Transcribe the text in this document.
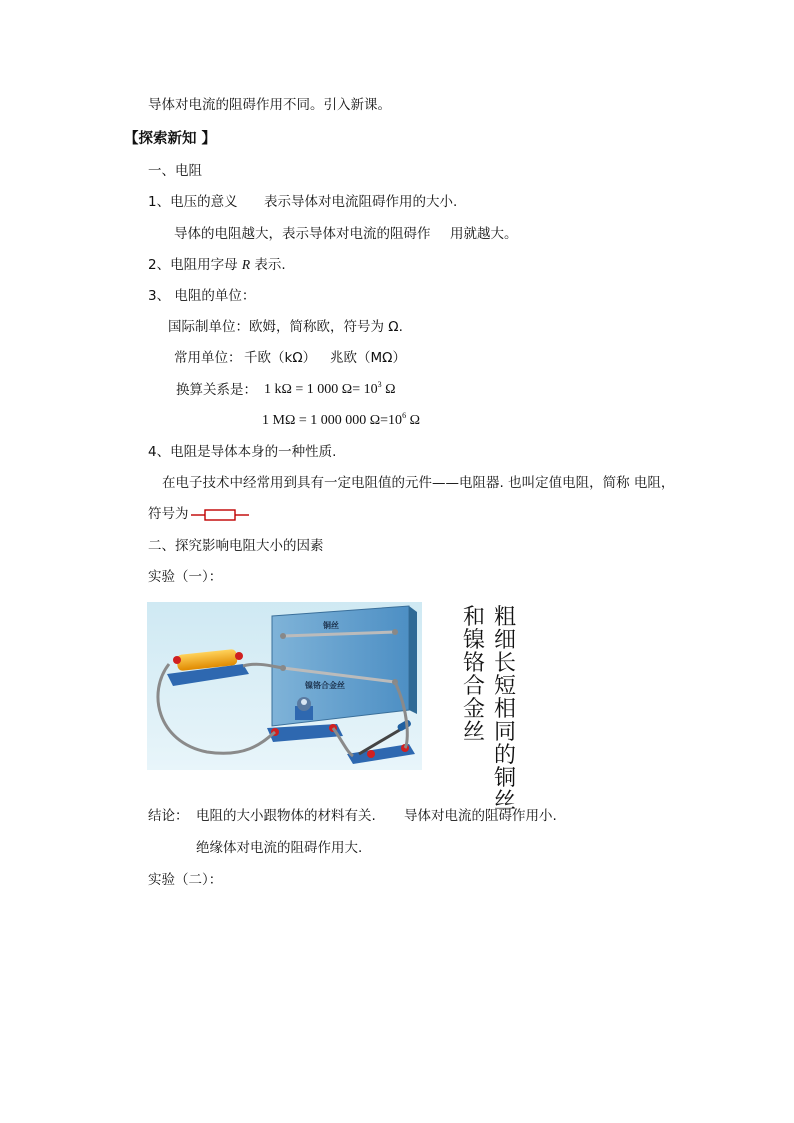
导体对电流的阻碍作用不同。引入新课。
【探索新知 】
一、电阻
1、电压的意义 表示导体对电流阻碍作用的大小.
导体的电阻越大，表示导体对电流的阻碍作 用就越大。
2、电阻用字母 R 表示.
3、 电阻的单位：
国际制单位：欧姆，简称欧，符号为 Ω.
常用单位： 千欧（kΩ） 兆欧（MΩ）
换算关系是： 1 kΩ = 1 000 $\Omega= 10^3$ Ω
1 MΩ = 1 000 000 $\Omega=10^6$ Ω
4、电阻是导体本身的一种性质.
在电子技术中经常用到具有一定电阻值的元件——电阻器. 也叫定值电阻，简称 电阻，
符号为
二、探究影响电阻大小的因素
实验（一）：
铜丝
镍铬合金丝
粗细长短相同的铜丝
和镍铬合金丝
结论： 电阻的大小跟物体的材料有关. 导体对电流的阻碍作用小.
绝缘体对电流的阻碍作用大.
实验（二）：
